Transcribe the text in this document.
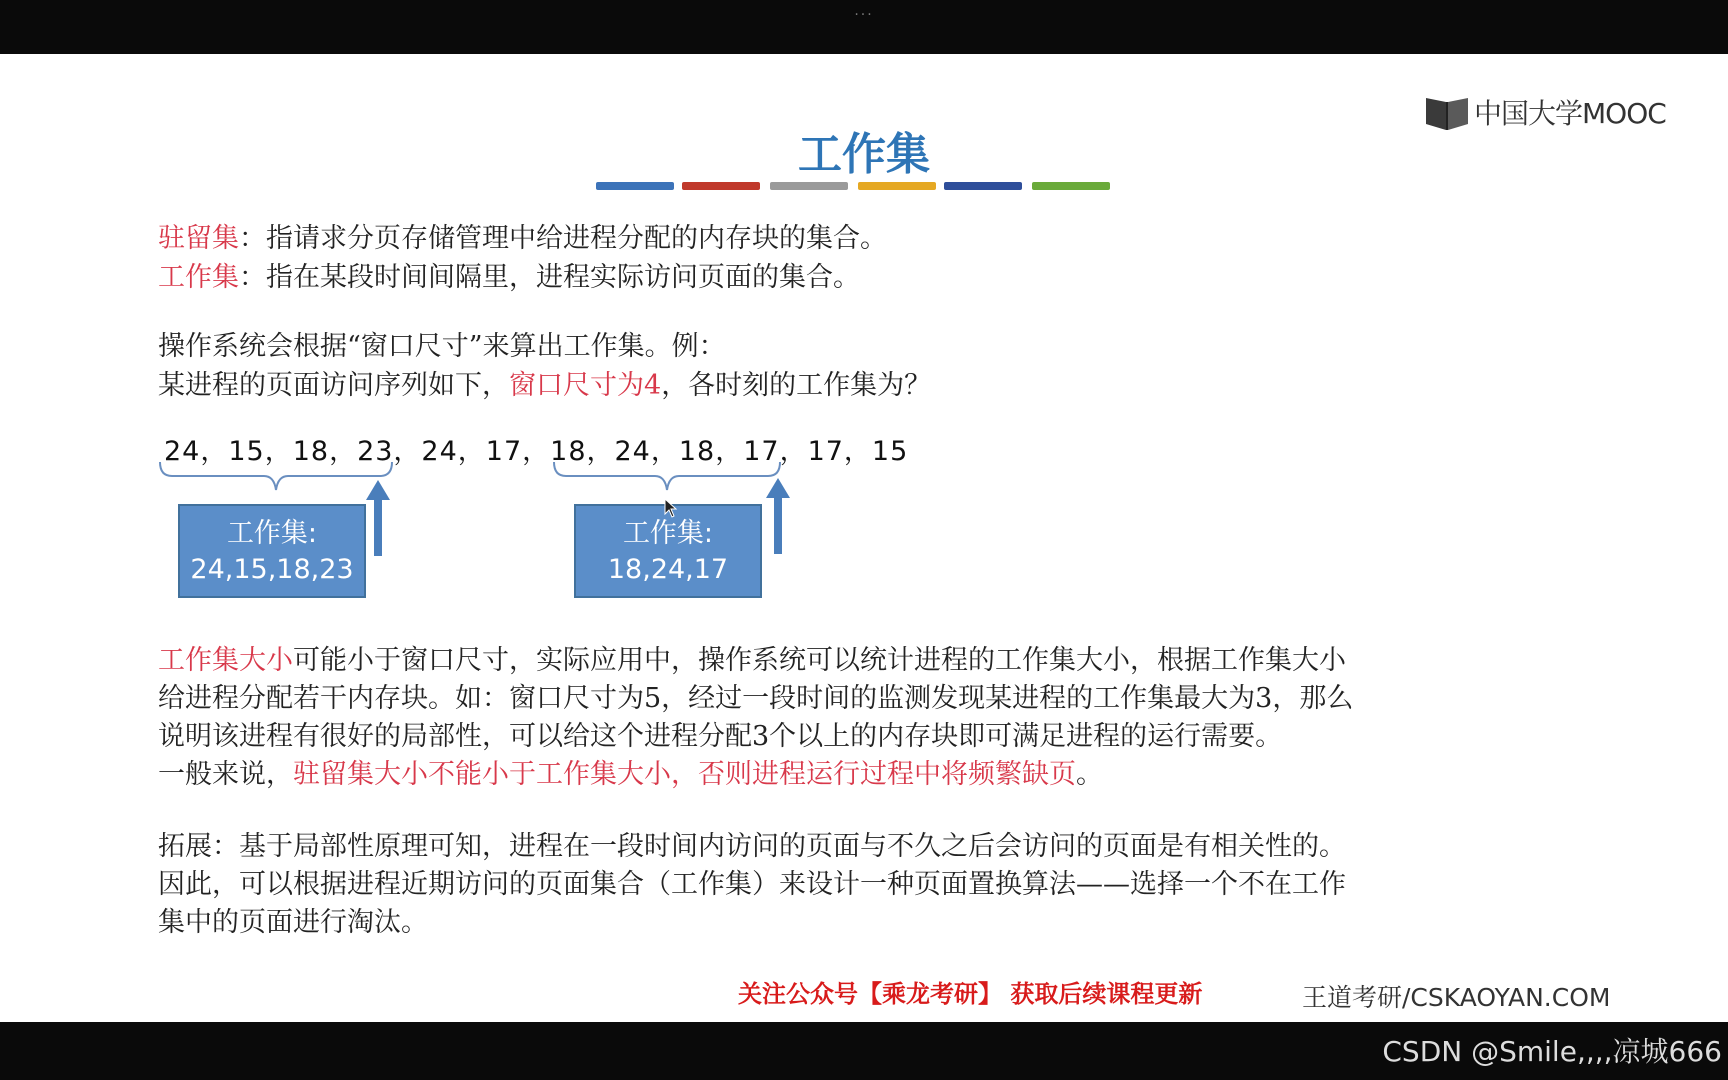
···
中国大学MOOC
工作集
驻留集：指请求分页存储管理中给进程分配的内存块的集合。
工作集：指在某段时间间隔里，进程实际访问页面的集合。
操作系统会根据“窗口尺寸”来算出工作集。例：
某进程的页面访问序列如下，窗口尺寸为4，各时刻的工作集为？
24，15，18，23，24，17，18，24，18，17，17，15
工作集:
24,15,18,23
工作集:
18,24,17
工作集大小可能小于窗口尺寸，实际应用中，操作系统可以统计进程的工作集大小，根据工作集大小
给进程分配若干内存块。如：窗口尺寸为5，经过一段时间的监测发现某进程的工作集最大为3，那么
说明该进程有很好的局部性，可以给这个进程分配3个以上的内存块即可满足进程的运行需要。
一般来说，驻留集大小不能小于工作集大小，否则进程运行过程中将频繁缺页。
拓展：基于局部性原理可知，进程在一段时间内访问的页面与不久之后会访问的页面是有相关性的。
因此，可以根据进程近期访问的页面集合（工作集）来设计一种页面置换算法——选择一个不在工作
集中的页面进行淘汰。
关注公众号【乘龙考研】 获取后续课程更新	王道考研/CSKAOYAN.COM
CSDN @Smile,,,,凉城666
